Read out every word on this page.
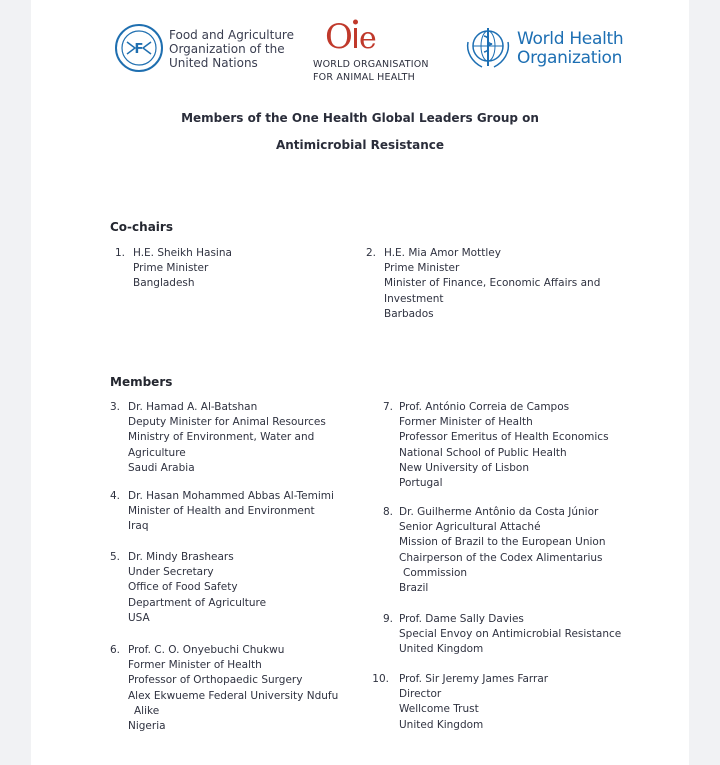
F
Food and Agriculture
Organization of the
United Nations
O e
WORLD ORGANISATION
FOR ANIMAL HEALTH
World Health
Organization
Members of the One Health Global Leaders Group on
Antimicrobial Resistance
Co-chairs
1. H.E. Sheikh Hasina
Prime Minister
Bangladesh
2. H.E. Mia Amor Mottley
Prime Minister
Minister of Finance, Economic Affairs and
Investment
Barbados
Members
3. Dr. Hamad A. Al-Batshan
Deputy Minister for Animal Resources
Ministry of Environment, Water and
Agriculture
Saudi Arabia
4. Dr. Hasan Mohammed Abbas Al-Temimi
Minister of Health and Environment
Iraq
5. Dr. Mindy Brashears
Under Secretary
Office of Food Safety
Department of Agriculture
USA
6. Prof. C. O. Onyebuchi Chukwu
Former Minister of Health
Professor of Orthopaedic Surgery
Alex Ekwueme Federal University Ndufu
Alike
Nigeria
7. Prof. António Correia de Campos
Former Minister of Health
Professor Emeritus of Health Economics
National School of Public Health
New University of Lisbon
Portugal
8. Dr. Guilherme Antônio da Costa Júnior
Senior Agricultural Attaché
Mission of Brazil to the European Union
Chairperson of the Codex Alimentarius
Commission
Brazil
9. Prof. Dame Sally Davies
Special Envoy on Antimicrobial Resistance
United Kingdom
10. Prof. Sir Jeremy James Farrar
Director
Wellcome Trust
United Kingdom
